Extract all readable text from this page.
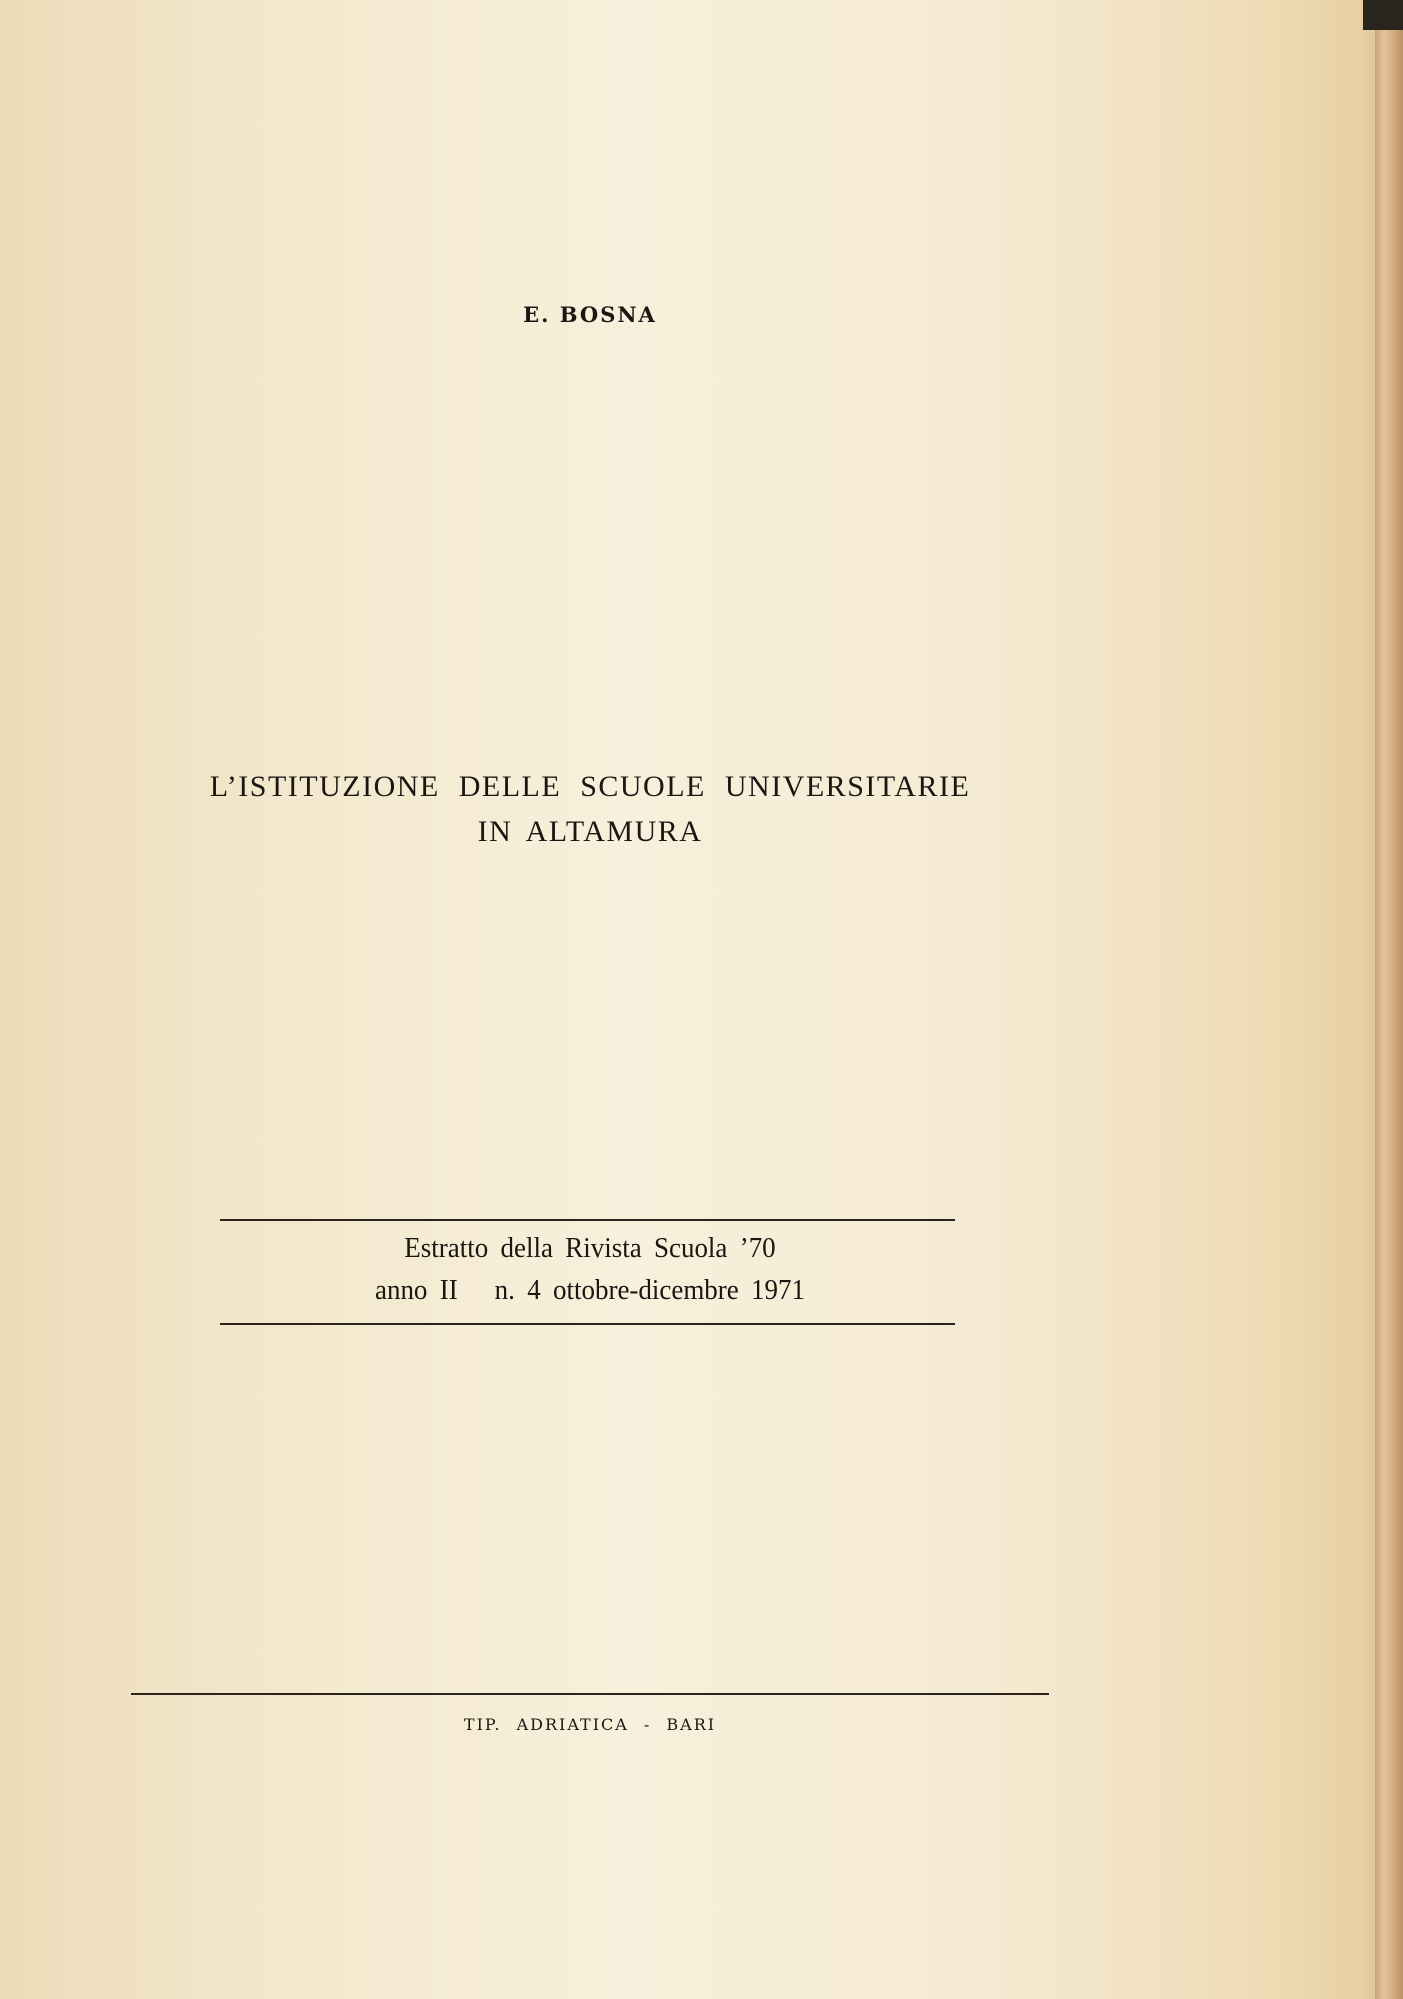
E. BOSNA
L’ISTITUZIONE DELLE SCUOLE UNIVERSITARIE
IN ALTAMURA
Estratto della Rivista Scuola ’70
anno II   n. 4 ottobre-dicembre 1971
TIP. ADRIATICA - BARI
